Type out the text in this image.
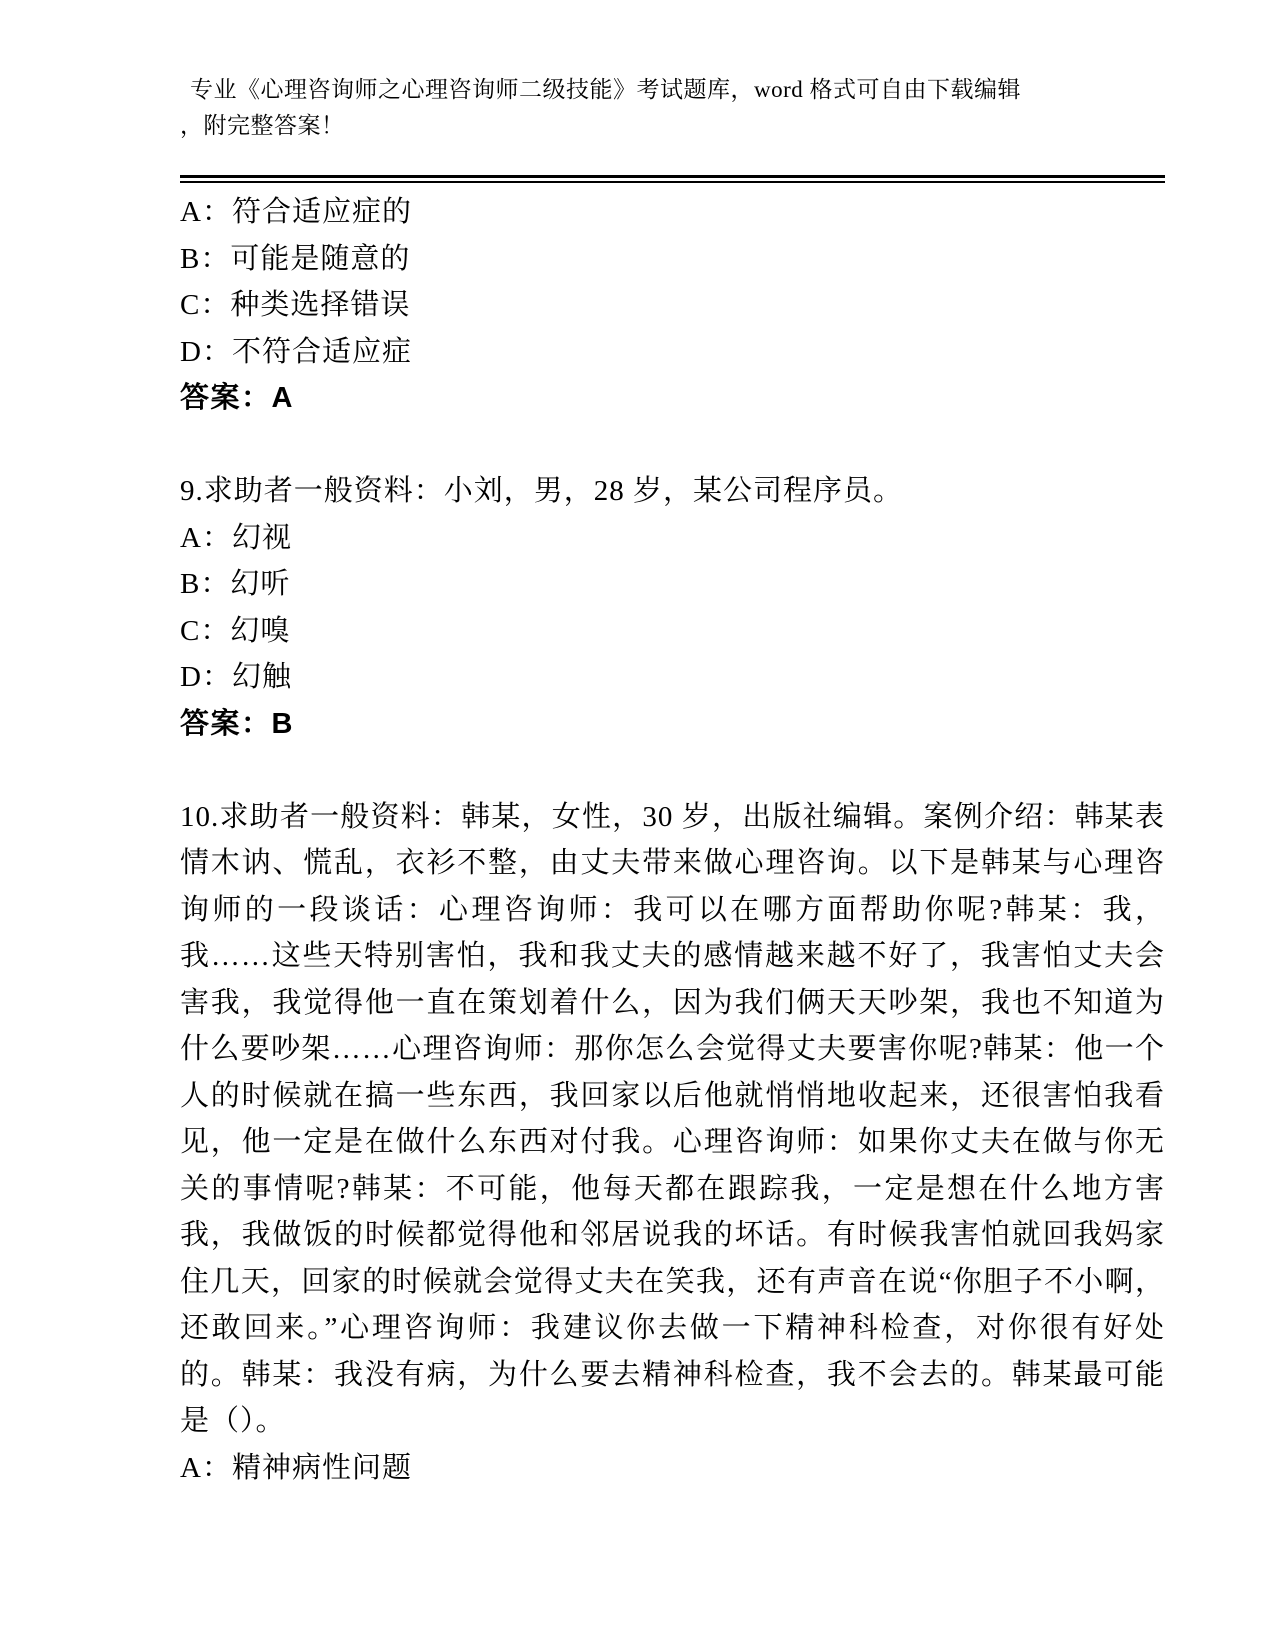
专业《心理咨询师之心理咨询师二级技能》考试题库，word 格式可自由下载编辑
，附完整答案！

A：符合适应症的

B：可能是随意的

C：种类选择错误

D：不符合适应症

答案：A

9.求助者一般资料：小刘，男，28 岁，某公司程序员。

A：幻视

B：幻听

C：幻嗅

D：幻触

答案：B

10.求助者一般资料：韩某，女性，30 岁，出版社编辑。案例介绍：韩某表情木讷、慌乱，衣衫不整，由丈夫带来做心理咨询。以下是韩某与心理咨询师的一段谈话：心理咨询师：我可以在哪方面帮助你呢?韩某：我，我……这些天特别害怕，我和我丈夫的感情越来越不好了，我害怕丈夫会害我，我觉得他一直在策划着什么，因为我们俩天天吵架，我也不知道为什么要吵架……心理咨询师：那你怎么会觉得丈夫要害你呢?韩某：他一个人的时候就在搞一些东西，我回家以后他就悄悄地收起来，还很害怕我看见，他一定是在做什么东西对付我。心理咨询师：如果你丈夫在做与你无关的事情呢?韩某：不可能，他每天都在跟踪我，一定是想在什么地方害我，我做饭的时候都觉得他和邻居说我的坏话。有时候我害怕就回我妈家住几天，回家的时候就会觉得丈夫在笑我，还有声音在说“你胆子不小啊，还敢回来。”心理咨询师：我建议你去做一下精神科检查，对你很有好处的。韩某：我没有病，为什么要去精神科检查，我不会去的。韩某最可能是（）。

A：精神病性问题
